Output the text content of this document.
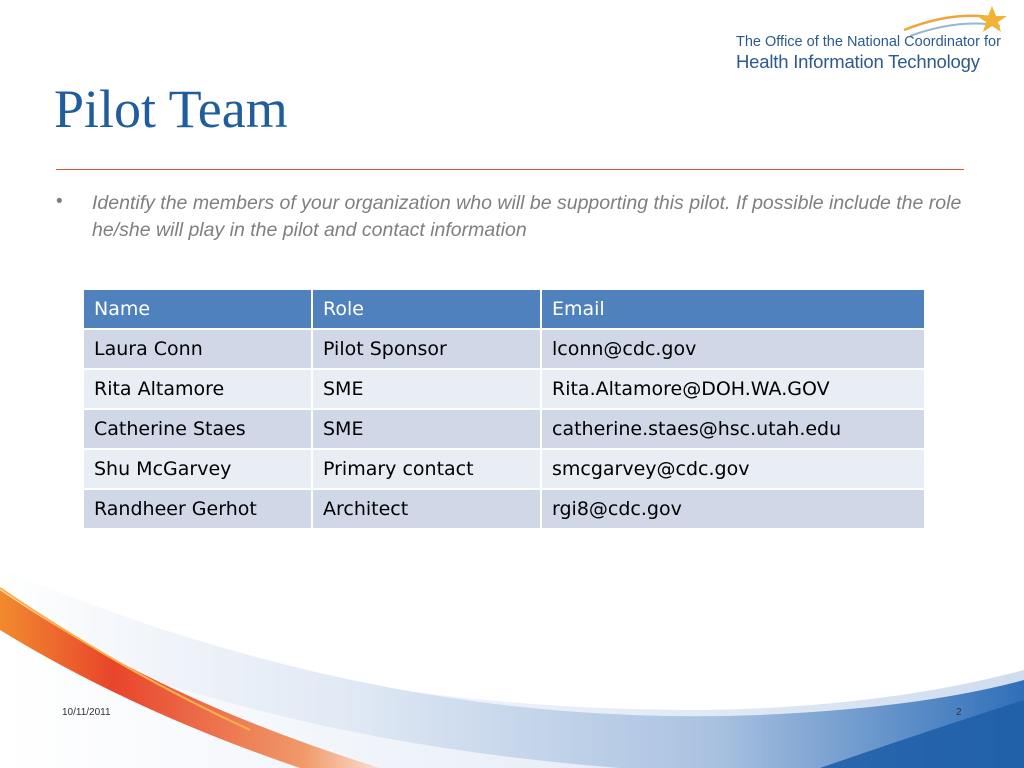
The Office of the National Coordinator for
Health Information Technology
Pilot Team
• Identify the members of your organization who will be supporting this pilot. If possible include the role he/she will play in the pilot and contact information
Name	Role	Email
Laura Conn	Pilot Sponsor	lconn@cdc.gov
Rita Altamore	SME	Rita.Altamore@DOH.WA.GOV
Catherine Staes	SME	catherine.staes@hsc.utah.edu
Shu McGarvey	Primary contact	smcgarvey@cdc.gov
Randheer Gerhot	Architect	rgi8@cdc.gov
10/11/2011	2
